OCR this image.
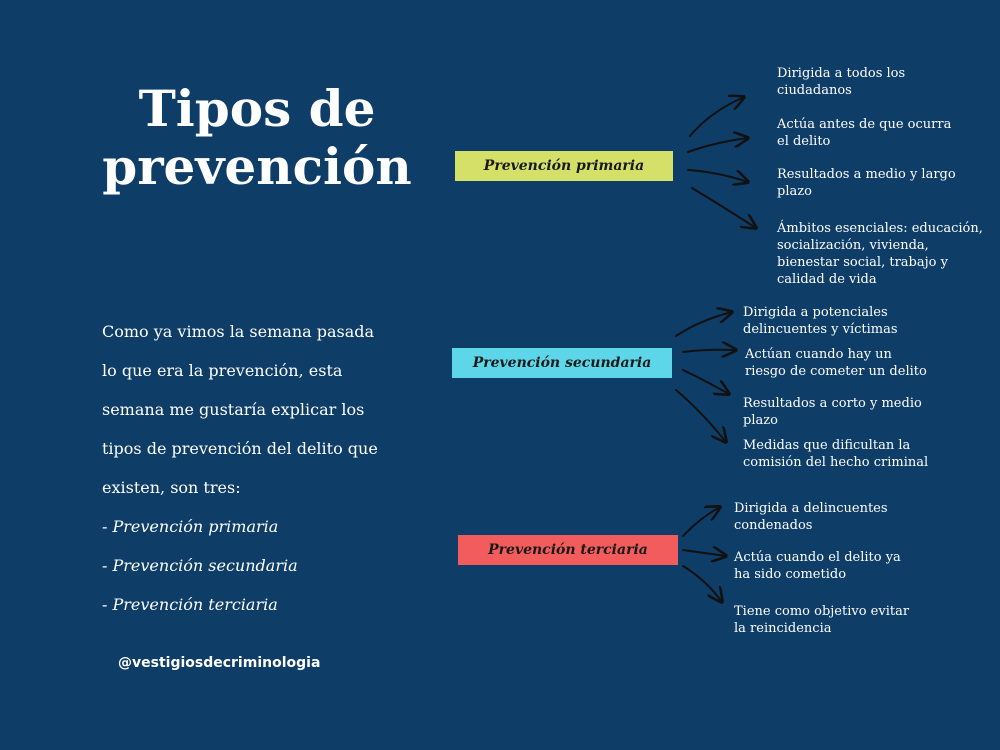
Tipos de
prevención
Como ya vimos la semana pasada
lo que era la prevención, esta
semana me gustaría explicar los
tipos de prevención del delito que
existen, son tres:
- Prevención primaria
- Prevención secundaria
- Prevención terciaria
@vestigiosdecriminologia
Prevención primaria
Prevención secundaria
Prevención terciaria
Dirigida a todos los
ciudadanos
Actúa antes de que ocurra
el delito
Resultados a medio y largo
plazo
Ámbitos esenciales: educación,
socialización, vivienda,
bienestar social, trabajo y
calidad de vida
Dirigida a potenciales
delincuentes y víctimas
Actúan cuando hay un
riesgo de cometer un delito
Resultados a corto y medio
plazo
Medidas que dificultan la
comisión del hecho criminal
Dirigida a delincuentes
condenados
Actúa cuando el delito ya
ha sido cometido
Tiene como objetivo evitar
la reincidencia
